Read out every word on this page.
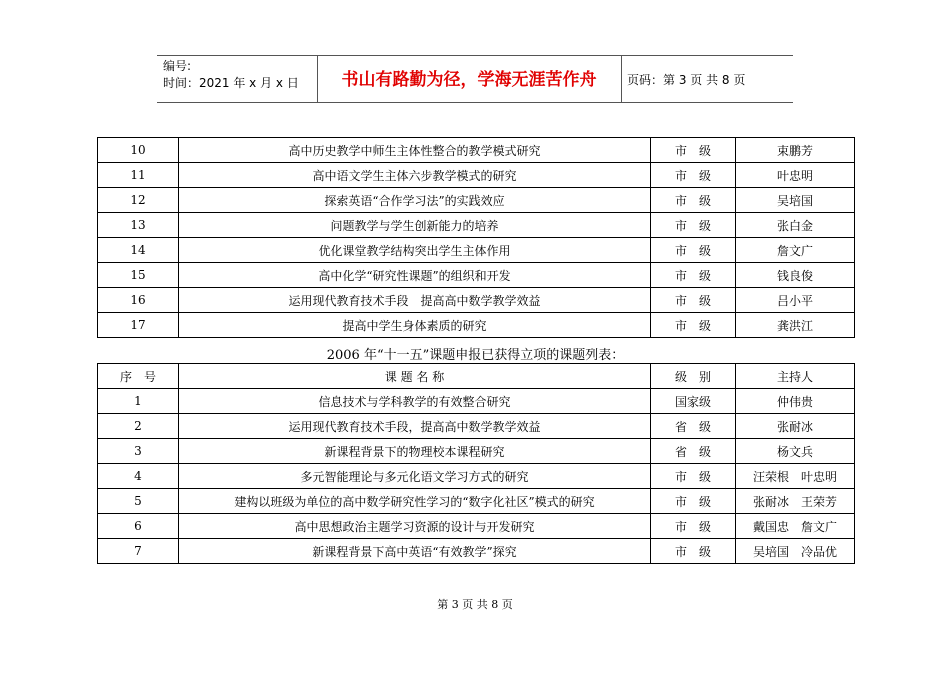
编号:
时间：2021 年 x 月 x 日	书山有路勤为径，学海无涯苦作舟	页码：第 3 页 共 8 页
10	高中历史教学中师生主体性整合的教学模式研究	市　级	束鹏芳
11	高中语文学生主体六步教学模式的研究	市　级	叶忠明
12	探索英语“合作学习法”的实践效应	市　级	吴培国
13	问题教学与学生创新能力的培养	市　级	张白金
14	优化课堂教学结构突出学生主体作用	市　级	詹文广
15	高中化学“研究性课题”的组织和开发	市　级	钱良俊
16	运用现代教育技术手段　提高高中数学教学效益	市　级	吕小平
17	提高中学生身体素质的研究	市　级	龚洪江
2006 年“十一五”课题申报已获得立项的课题列表：
序　号	课 题 名 称	级　别	主持人
1	信息技术与学科教学的有效整合研究	国家级	仲伟贵
2	运用现代教育技术手段，提高高中数学教学效益	省　级	张耐冰
3	新课程背景下的物理校本课程研究	省　级	杨文兵
4	多元智能理论与多元化语文学习方式的研究	市　级	汪荣根　叶忠明
5	建构以班级为单位的高中数学研究性学习的“数字化社区”模式的研究	市　级	张耐冰　王荣芳
6	高中思想政治主题学习资源的设计与开发研究	市　级	戴国忠　詹文广
7	新课程背景下高中英语“有效教学”探究	市　级	吴培国　冷品优
第 3 页 共 8 页
